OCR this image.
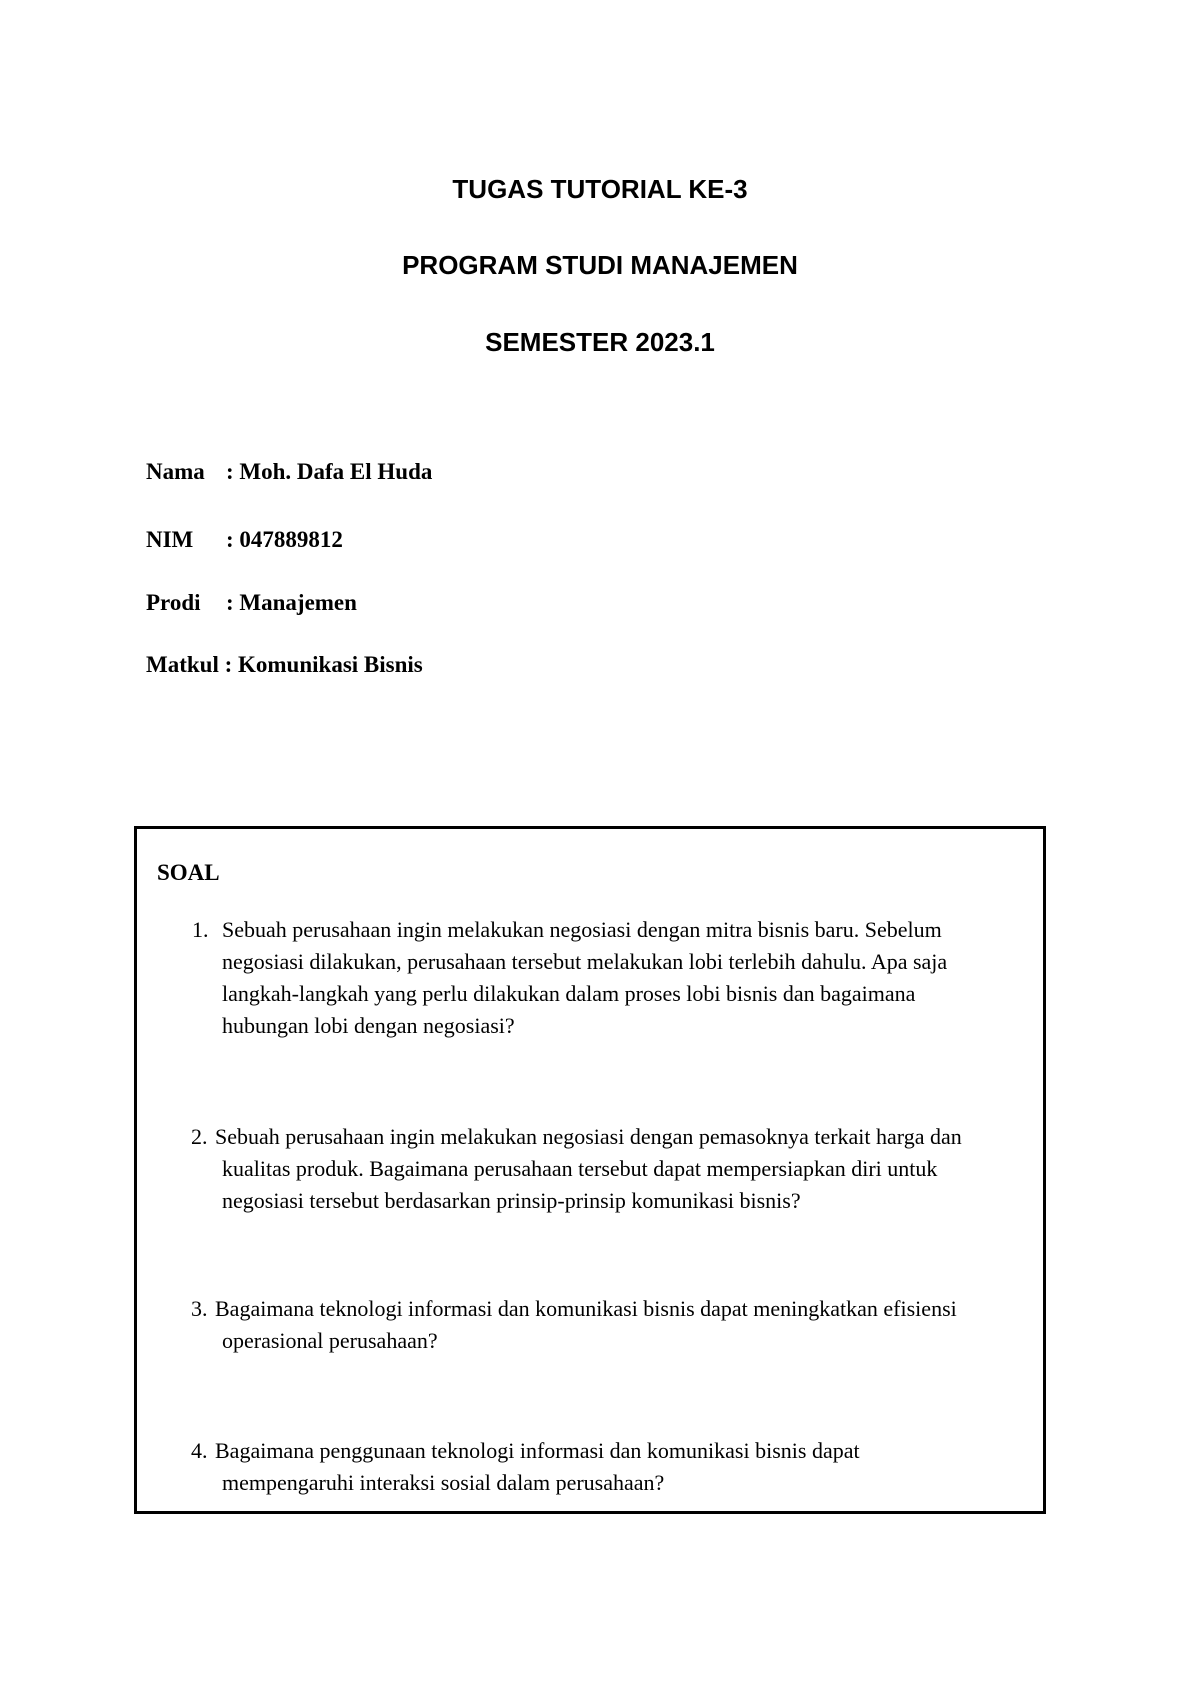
TUGAS TUTORIAL KE-3
PROGRAM STUDI MANAJEMEN
SEMESTER 2023.1
Nama : Moh. Dafa El Huda
NIM : 047889812
Prodi : Manajemen
Matkul : Komunikasi Bisnis
SOAL
1. Sebuah perusahaan ingin melakukan negosiasi dengan mitra bisnis baru. Sebelum
negosiasi dilakukan, perusahaan tersebut melakukan lobi terlebih dahulu. Apa saja
langkah-langkah yang perlu dilakukan dalam proses lobi bisnis dan bagaimana
hubungan lobi dengan negosiasi?
2. Sebuah perusahaan ingin melakukan negosiasi dengan pemasoknya terkait harga dan
kualitas produk. Bagaimana perusahaan tersebut dapat mempersiapkan diri untuk
negosiasi tersebut berdasarkan prinsip-prinsip komunikasi bisnis?
3. Bagaimana teknologi informasi dan komunikasi bisnis dapat meningkatkan efisiensi
operasional perusahaan?
4. Bagaimana penggunaan teknologi informasi dan komunikasi bisnis dapat
mempengaruhi interaksi sosial dalam perusahaan?
